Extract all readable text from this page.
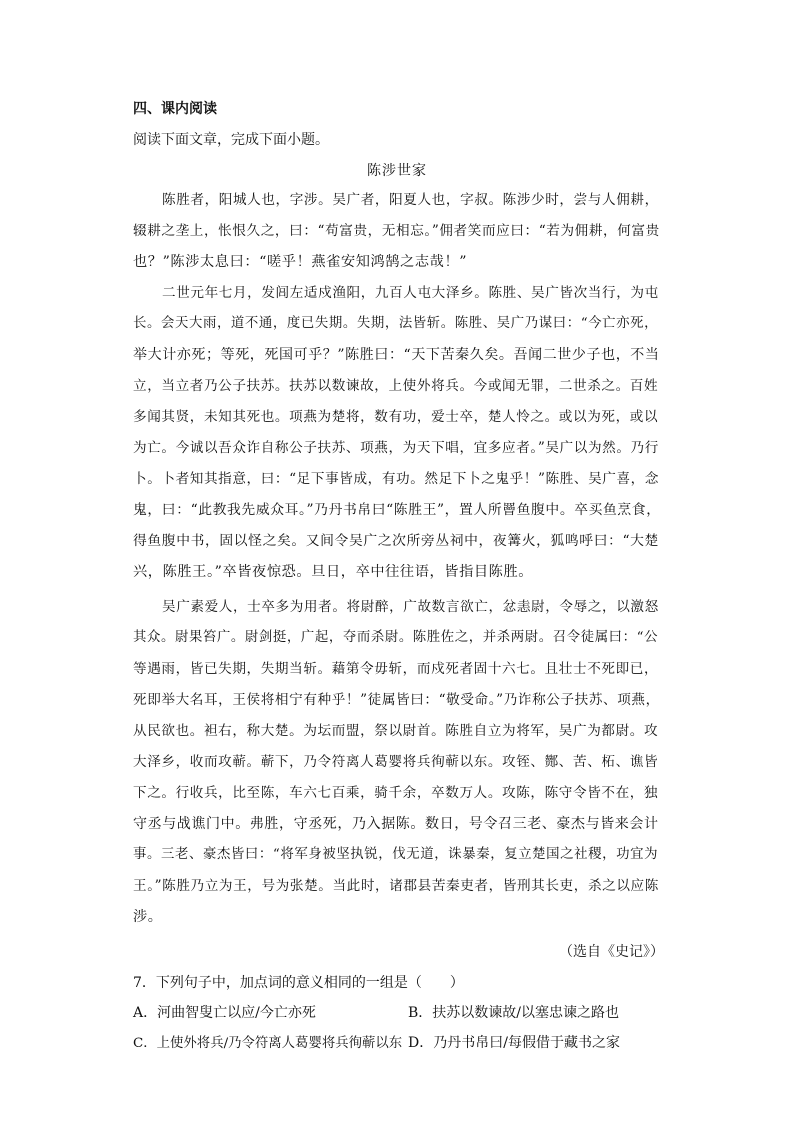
四、课内阅读
阅读下面文章，完成下面小题。
陈涉世家
陈胜者，阳城人也，字涉。吴广者，阳夏人也，字叔。陈涉少时，尝与人佣耕，
辍耕之垄上，怅恨久之，曰：“苟富贵，无相忘。”佣者笑而应曰：“若为佣耕，何富贵
也？”陈涉太息曰：“嗟乎！燕雀安知鸿鹄之志哉！”
二世元年七月，发闾左适戍渔阳，九百人屯大泽乡。陈胜、吴广皆次当行，为屯
长。会天大雨，道不通，度已失期。失期，法皆斩。陈胜、吴广乃谋曰：“今亡亦死，
举大计亦死；等死，死国可乎？”陈胜曰：“天下苦秦久矣。吾闻二世少子也，不当
立，当立者乃公子扶苏。扶苏以数谏故，上使外将兵。今或闻无罪，二世杀之。百姓
多闻其贤，未知其死也。项燕为楚将，数有功，爱士卒，楚人怜之。或以为死，或以
为亡。今诚以吾众诈自称公子扶苏、项燕，为天下唱，宜多应者。”吴广以为然。乃行
卜。卜者知其指意，曰：“足下事皆成，有功。然足下卜之鬼乎！”陈胜、吴广喜，念
鬼，曰：“此教我先威众耳。”乃丹书帛曰“陈胜王”，置人所罾鱼腹中。卒买鱼烹食，
得鱼腹中书，固以怪之矣。又间令吴广之次所旁丛祠中，夜篝火，狐鸣呼曰：“大楚
兴，陈胜王。”卒皆夜惊恐。旦日，卒中往往语，皆指目陈胜。
吴广素爱人，士卒多为用者。将尉醉，广故数言欲亡，忿恚尉，令辱之，以激怒
其众。尉果笞广。尉剑挺，广起，夺而杀尉。陈胜佐之，并杀两尉。召令徒属曰：“公
等遇雨，皆已失期，失期当斩。藉第令毋斩，而戍死者固十六七。且壮士不死即已，
死即举大名耳，王侯将相宁有种乎！”徒属皆曰：“敬受命。”乃诈称公子扶苏、项燕，
从民欲也。袒右，称大楚。为坛而盟，祭以尉首。陈胜自立为将军，吴广为都尉。攻
大泽乡，收而攻蕲。蕲下，乃令符离人葛婴将兵徇蕲以东。攻铚、酂、苦、柘、谯皆
下之。行收兵，比至陈，车六七百乘，骑千余，卒数万人。攻陈，陈守令皆不在，独
守丞与战谯门中。弗胜，守丞死，乃入据陈。数日，号令召三老、豪杰与皆来会计
事。三老、豪杰皆曰：“将军身被坚执锐，伐无道，诛暴秦，复立楚国之社稷，功宜为
王。”陈胜乃立为王，号为张楚。当此时，诸郡县苦秦吏者，皆刑其长吏，杀之以应陈
涉。
（选自《史记》）
7．下列句子中，加点词的意义相同的一组是（　　）
A．河曲智叟亡以应/今亡亦死	B．扶苏以数谏故/以塞忠谏之路也
C．上使外将兵/乃令符离人葛婴将兵徇蕲以东 D．乃丹书帛曰/每假借于藏书之家
